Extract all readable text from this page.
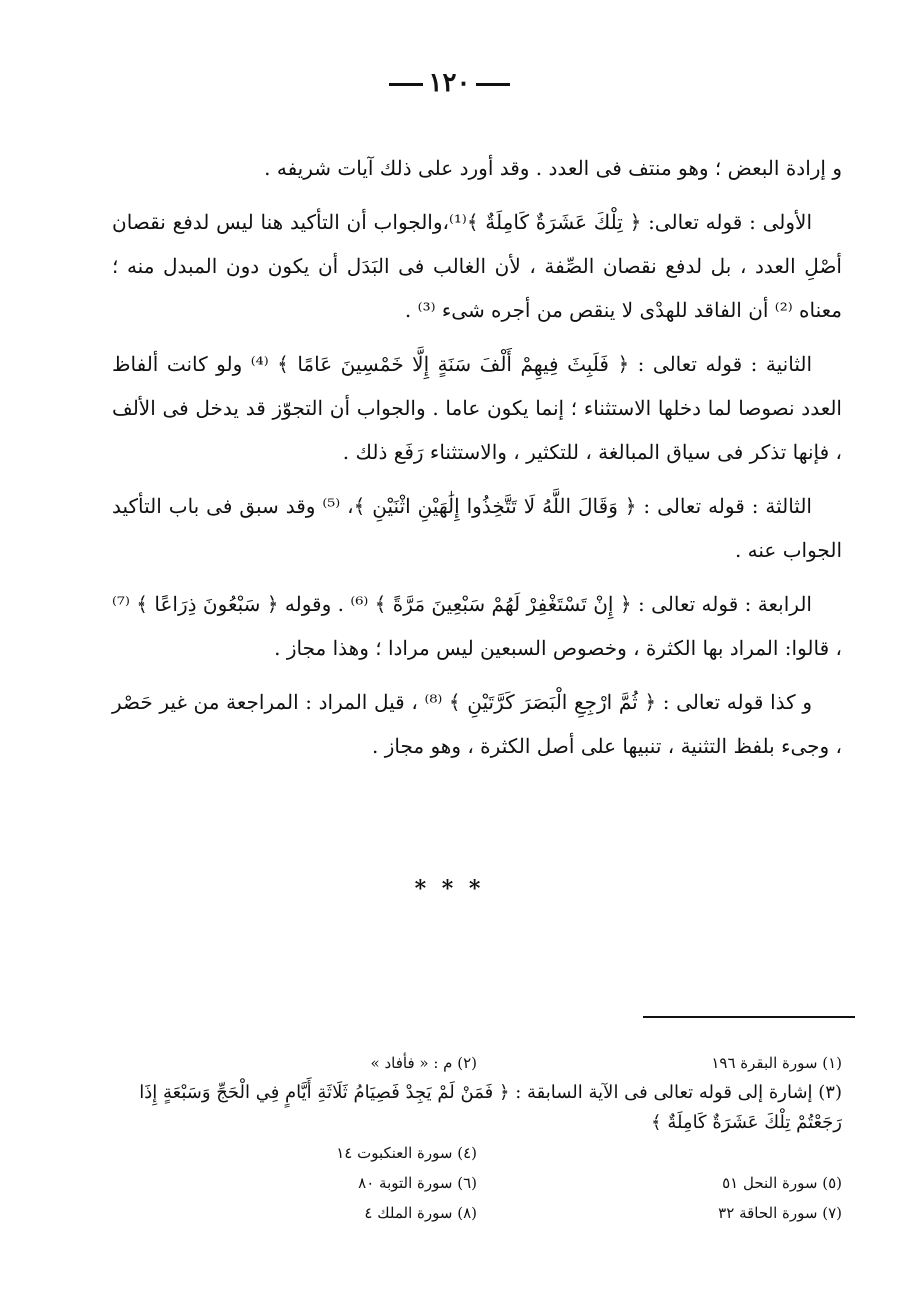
١٢٠

و إرادة البعض ؛ وهو منتف فى العدد . وقد أورد على ذلك آيات شريفه .

الأولى : قوله تعالى: ﴿ تِلْكَ عَشَرَةٌ كَامِلَةٌ ﴾⁽¹⁾،والجواب أن التأكيد هنا ليس لدفع نقصان أصْلِ العدد ، بل لدفع نقصان الصِّفة ، لأن الغالب فى البَدَل أن يكون دون المبدل منه ؛ معناه ⁽²⁾ أن الفاقد للهدْى لا ينقص من أجره شىء ⁽³⁾ .

الثانية : قوله تعالى : ﴿ فَلَبِثَ فِيهِمْ أَلْفَ سَنَةٍ إِلَّا خَمْسِينَ عَامًا ﴾ ⁽⁴⁾ ولو كانت ألفاظ العدد نصوصا لما دخلها الاستثناء ؛ إنما يكون عاما . والجواب أن التجوّز قد يدخل فى الألف ، فإنها تذكر فى سياق المبالغة ، للتكثير ، والاستثناء رَفَع ذلك .

الثالثة : قوله تعالى : ﴿ وَقَالَ اللَّهُ لَا تَتَّخِذُوا إِلَٰهَيْنِ اثْنَيْنِ ﴾، ⁽⁵⁾ وقد سبق فى باب التأكيد الجواب عنه .

الرابعة : قوله تعالى : ﴿ إِنْ تَسْتَغْفِرْ لَهُمْ سَبْعِينَ مَرَّةً ﴾ ⁽⁶⁾ . وقوله ﴿ سَبْعُونَ ذِرَاعًا ﴾ ⁽⁷⁾ ، قالوا: المراد بها الكثرة ، وخصوص السبعين ليس مرادا ؛ وهذا مجاز .

و كذا قوله تعالى : ﴿ ثُمَّ ارْجِعِ الْبَصَرَ كَرَّتَيْنِ ﴾ ⁽⁸⁾ ، قيل المراد : المراجعة من غير حَصْر ، وجىء بلفظ التثنية ، تنبيها على أصل الكثرة ، وهو مجاز .

* * *
(١) سورة البقرة ١٩٦
(٢) م : « فأفاد »
(٣) إشارة إلى قوله تعالى فى الآية السابقة : ﴿ فَمَنْ لَمْ يَجِدْ فَصِيَامُ ثَلَاثَةِ أَيَّامٍ فِي الْحَجِّ وَسَبْعَةٍ إِذَا رَجَعْتُمْ تِلْكَ عَشَرَةٌ كَامِلَةٌ ﴾
(٤) سورة العنكبوت ١٤
(٥) سورة النحل ٥١
(٦) سورة التوبة ٨٠
(٧) سورة الحاقة ٣٢
(٨) سورة الملك ٤
